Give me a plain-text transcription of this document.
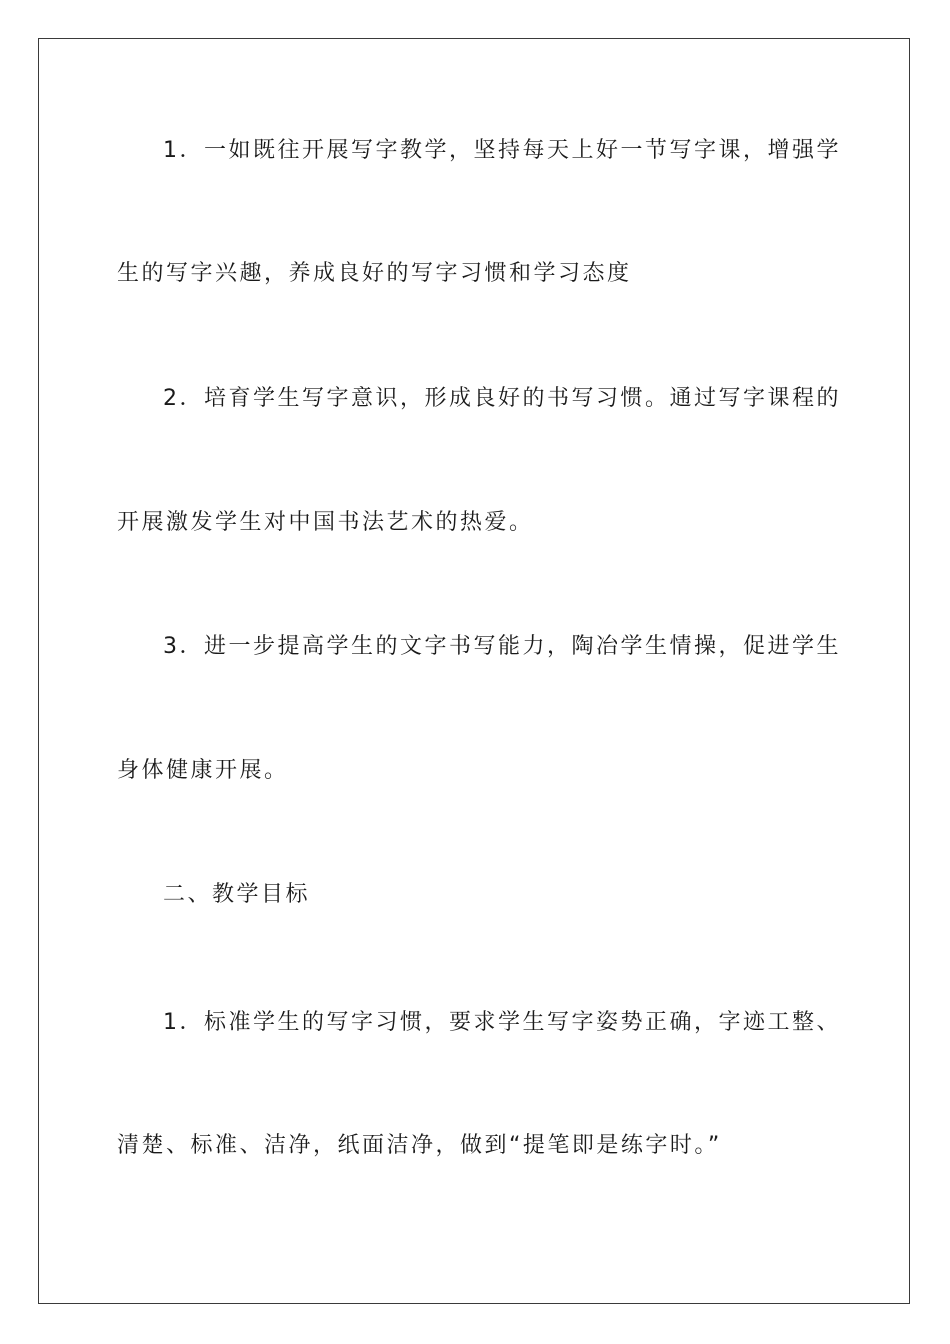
1．一如既往开展写字教学，坚持每天上好一节写字课，增强学
生的写字兴趣，养成良好的写字习惯和学习态度
2．培育学生写字意识，形成良好的书写习惯。通过写字课程的
开展激发学生对中国书法艺术的热爱。
3．进一步提高学生的文字书写能力，陶冶学生情操，促进学生
身体健康开展。
二、教学目标
1．标准学生的写字习惯，要求学生写字姿势正确，字迹工整、
清楚、标准、洁净，纸面洁净，做到“提笔即是练字时。”
